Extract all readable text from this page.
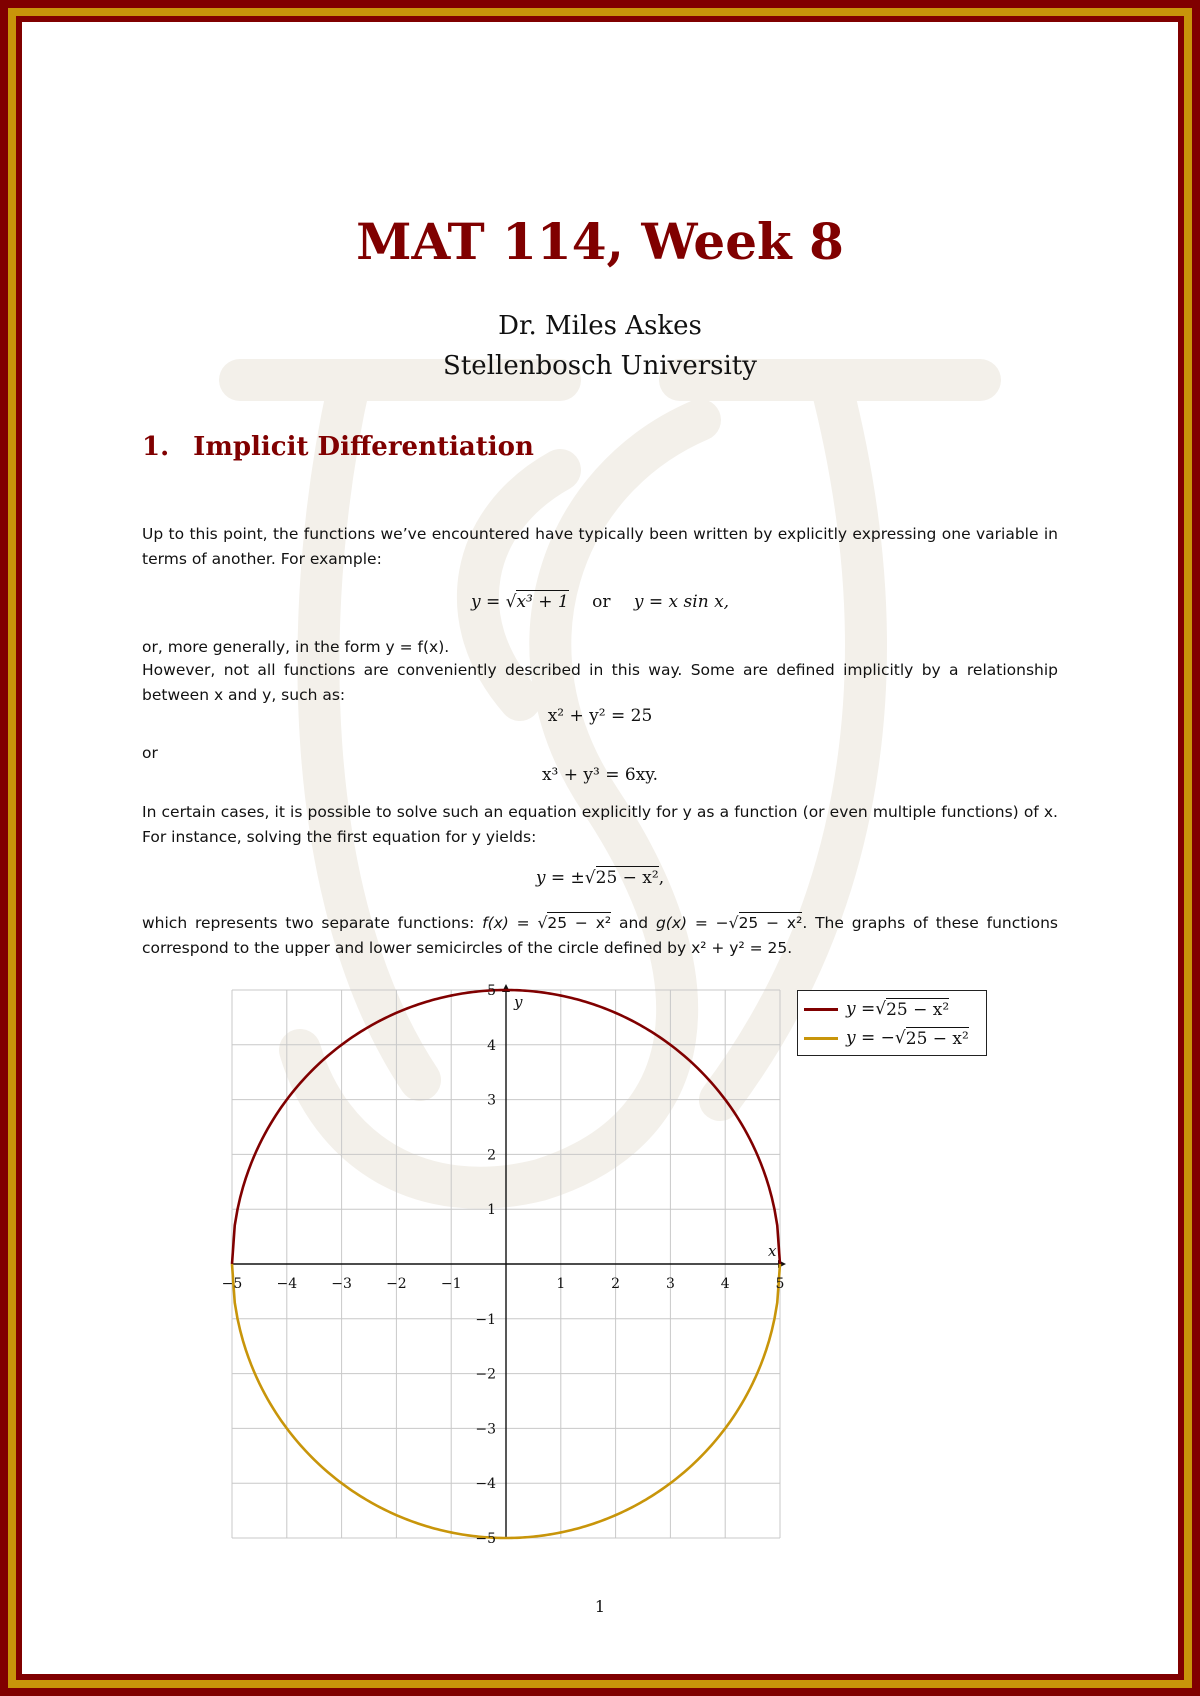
MAT 114, Week 8
Dr. Miles Askes
Stellenbosch University
1. Implicit Differentiation
Up to this point, the functions we’ve encountered have typically been written by explicitly expressing one variable in terms of another. For example:
y = √x³ + 1 or y = x sin x,
or, more generally, in the form y = f(x).
However, not all functions are conveniently described in this way. Some are defined implicitly by a relationship between x and y, such as:
x² + y² = 25
or
x³ + y³ = 6xy.
In certain cases, it is possible to solve such an equation explicitly for y as a function (or even multiple functions) of x. For instance, solving the first equation for y yields:
y = ±√25 − x²,
which represents two separate functions: f(x) = √25 − x² and g(x) = −√25 − x². The graphs of these functions correspond to the upper and lower semicircles of the circle defined by x² + y² = 25.
x
y
−5 −4 −3 −2 −1	1	2	3	4	5
−5
−4
−3
−2
−1
1
2
3
4
5
y = √ 25 − x²
y = − √ 25 − x²
1
